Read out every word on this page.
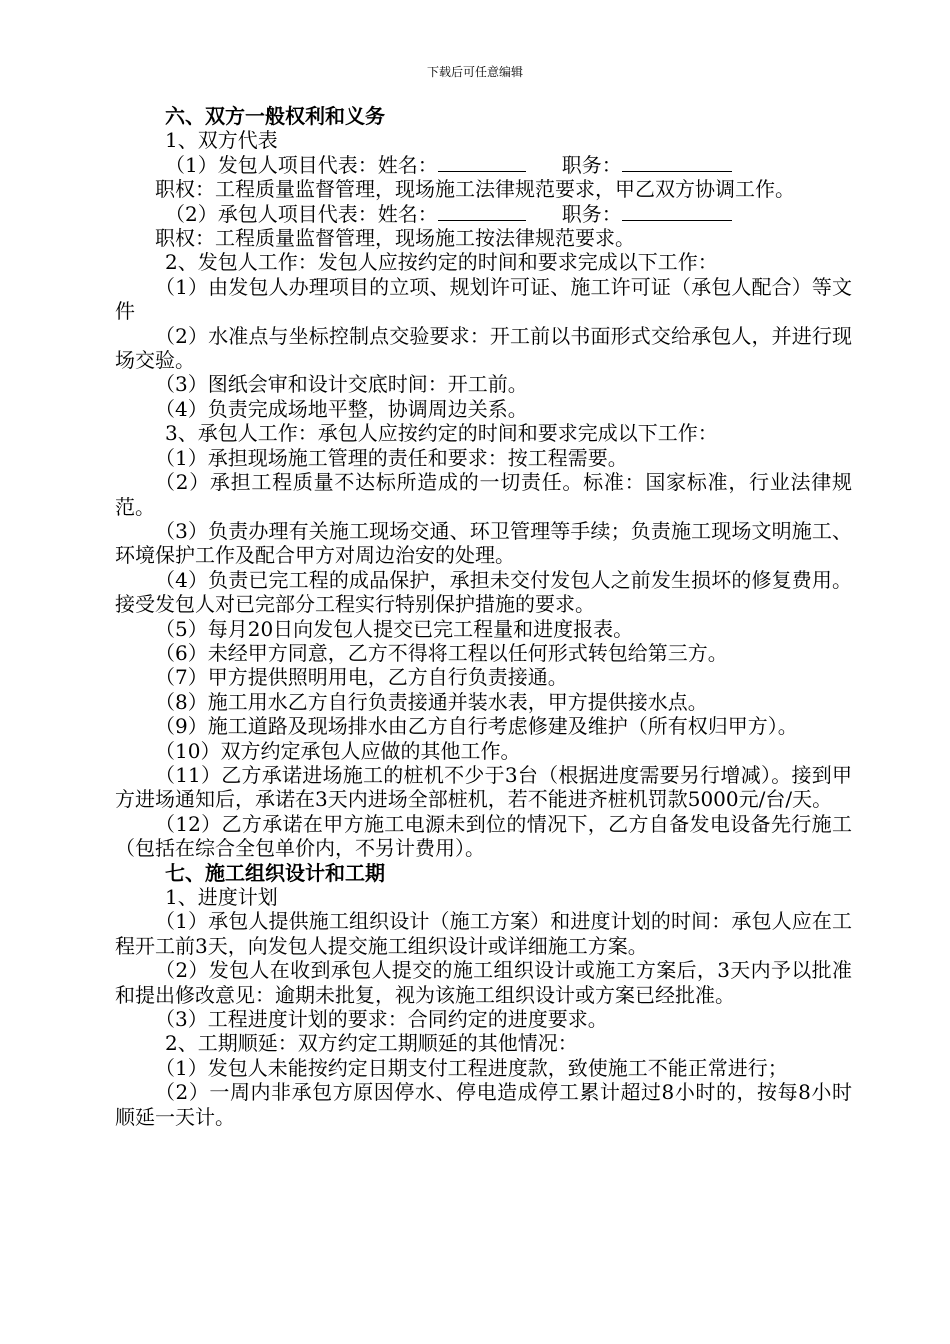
下载后可任意编辑
六、双方一般权利和义务
1、双方代表
（1）发包人项目代表：姓名：	职务：
职权：工程质量监督管理，现场施工法律规范要求，甲乙双方协调工作。
（2）承包人项目代表：姓名：	职务：
职权：工程质量监督管理，现场施工按法律规范要求。
2、发包人工作：发包人应按约定的时间和要求完成以下工作：
（1）由发包人办理项目的立项、规划许可证、施工许可证（承包人配合）等文件
（2）水准点与坐标控制点交验要求：开工前以书面形式交给承包人，并进行现场交验。
（3）图纸会审和设计交底时间：开工前。
（4）负责完成场地平整，协调周边关系。
3、承包人工作：承包人应按约定的时间和要求完成以下工作：
（1）承担现场施工管理的责任和要求：按工程需要。
（2）承担工程质量不达标所造成的一切责任。标准：国家标准，行业法律规范。
（3）负责办理有关施工现场交通、环卫管理等手续；负责施工现场文明施工、环境保护工作及配合甲方对周边治安的处理。
（4）负责已完工程的成品保护，承担未交付发包人之前发生损坏的修复费用。接受发包人对已完部分工程实行特别保护措施的要求。
（5）每月20日向发包人提交已完工程量和进度报表。
（6）未经甲方同意，乙方不得将工程以任何形式转包给第三方。
（7）甲方提供照明用电，乙方自行负责接通。
（8）施工用水乙方自行负责接通并装水表，甲方提供接水点。
（9）施工道路及现场排水由乙方自行考虑修建及维护（所有权归甲方）。
（10）双方约定承包人应做的其他工作。
（11）乙方承诺进场施工的桩机不少于3台（根据进度需要另行增减）。接到甲方进场通知后，承诺在3天内进场全部桩机，若不能进齐桩机罚款5000元/台/天。
（12）乙方承诺在甲方施工电源未到位的情况下，乙方自备发电设备先行施工（包括在综合全包单价内，不另计费用）。
七、施工组织设计和工期
1、进度计划
（1）承包人提供施工组织设计（施工方案）和进度计划的时间：承包人应在工程开工前3天，向发包人提交施工组织设计或详细施工方案。
（2）发包人在收到承包人提交的施工组织设计或施工方案后，3天内予以批准和提出修改意见：逾期未批复，视为该施工组织设计或方案已经批准。
（3）工程进度计划的要求：合同约定的进度要求。
2、工期顺延：双方约定工期顺延的其他情况：
（1）发包人未能按约定日期支付工程进度款，致使施工不能正常进行；
（2）一周内非承包方原因停水、停电造成停工累计超过8小时的，按每8小时顺延一天计。
